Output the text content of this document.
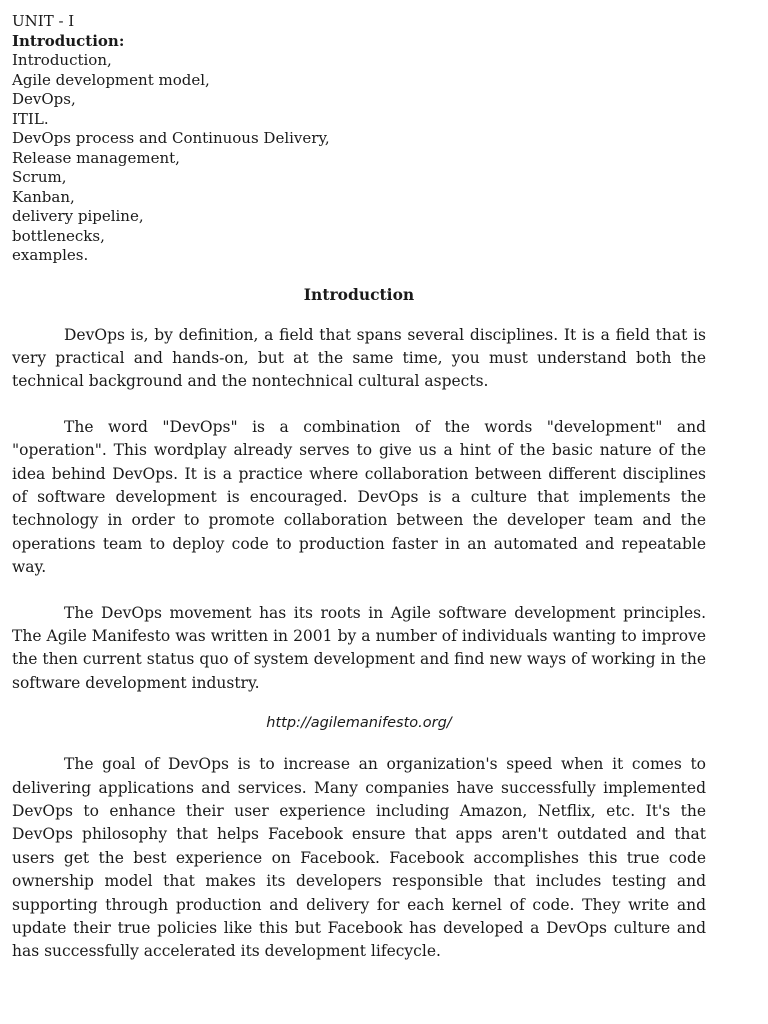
UNIT - I
Introduction:
Introduction,
Agile development model,
DevOps,
ITIL.
DevOps process and Continuous Delivery,
Release management,
Scrum,
Kanban,
delivery pipeline,
bottlenecks,
examples.
Introduction

DevOps is, by definition, a field that spans several disciplines. It is a field that is very practical and hands-on, but at the same time, you must understand both the technical background and the nontechnical cultural aspects.

The word "DevOps" is a combination of the words "development" and "operation". This wordplay already serves to give us a hint of the basic nature of the idea behind DevOps. It is a practice where collaboration between different disciplines of software development is encouraged. DevOps is a culture that implements the technology in order to promote collaboration between the developer team and the operations team to deploy code to production faster in an automated and repeatable way.

The DevOps movement has its roots in Agile software development principles. The Agile Manifesto was written in 2001 by a number of individuals wanting to improve the then current status quo of system development and find new ways of working in the software development industry.

http://agilemanifesto.org/

The goal of DevOps is to increase an organization's speed when it comes to delivering applications and services. Many companies have successfully implemented DevOps to enhance their user experience including Amazon, Netflix, etc. It's the DevOps philosophy that helps Facebook ensure that apps aren't outdated and that users get the best experience on Facebook. Facebook accomplishes this true code ownership model that makes its developers responsible that includes testing and supporting through production and delivery for each kernel of code. They write and update their true policies like this but Facebook has developed a DevOps culture and has successfully accelerated its development lifecycle.
